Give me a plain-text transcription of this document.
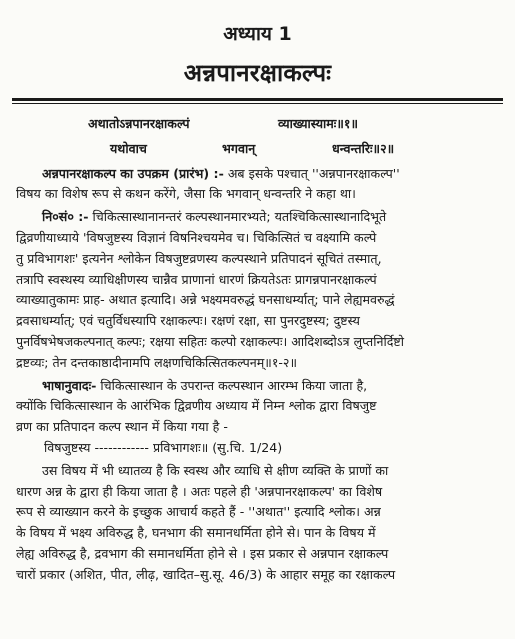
अध्याय 1
अन्नपानरक्षाकल्पः
अथातोऽन्नपानरक्षाकल्पं	व्याख्यास्यामः॥१॥
यथोवाच	भगवान्	धन्वन्तरिः॥२॥
अन्नपानरक्षाकल्प का उपक्रम (प्रारंभ) :- अब इसके पश्चात् ''अन्नपानरक्षाकल्प''
विषय का विशेष रूप से कथन करेंगे, जैसा कि भगवान् धन्वन्तरि ने कहा था।
नि०सं० :- चिकित्सास्थानानन्तरं कल्पस्थानमारभ्यते; यतश्चिकित्सास्थानादिभूते
द्विव्रणीयाध्याये 'विषजुष्टस्य विज्ञानं विषनिश्चयमेव च। चिकित्सितं च वक्ष्यामि कल्पे
तु प्रविभागशः' इत्यनेन श्लोकेन विषजुष्टव्रणस्य कल्पस्थाने प्रतिपादनं सूचितं तस्मात्,
तत्रापि स्वस्थस्य व्याधिक्षीणस्य चान्नैव प्राणानां धारणं क्रियतेऽतः प्रागन्नपानरक्षाकल्पं
व्याख्यातुकामः प्राह- अथात इत्यादि। अन्ने भक्ष्यमवरुद्धं घनसाधर्म्यात्; पाने लेह्यमवरुद्धं
द्रवसाधर्म्यात्; एवं चतुर्विधस्यापि रक्षाकल्पः। रक्षणं रक्षा, सा पुनरदुष्टस्य; दुष्टस्य
पुनर्विषभेषजकल्पनात् कल्पः; रक्षया सहितः कल्पो रक्षाकल्पः। आदिशब्दोऽत्र लुप्तनिर्दिष्टो
द्रष्टव्यः; तेन दन्तकाष्ठादीनामपि लक्षणचिकित्सितकल्पनम्॥१-२॥
भाषानुवादः- चिकित्सास्थान के उपरान्त कल्पस्थान आरम्भ किया जाता है,
क्योंकि चिकित्सास्थान के आरंभिक द्विव्रणीय अध्याय में निम्न श्लोक द्वारा विषजुष्ट
व्रण का प्रतिपादन कल्प स्थान में किया गया है -
विषजुष्टस्य ------------ प्रविभागशः॥ (सु.चि. 1/24)
उस विषय में भी ध्यातव्य है कि स्वस्थ और व्याधि से क्षीण व्यक्ति के प्राणों का
धारण अन्न के द्वारा ही किया जाता है । अतः पहले ही 'अन्नपानरक्षाकल्प' का विशेष
रूप से व्याख्यान करने के इच्छुक आचार्य कहते हैं - ''अथात'' इत्यादि श्लोक। अन्न
के विषय में भक्ष्य अविरुद्ध है, घनभाग की समानधर्मिता होने से। पान के विषय में
लेह्य अविरुद्ध है, द्रवभाग की समानधर्मिता होने से । इस प्रकार से अन्नपान रक्षाकल्प
चारों प्रकार (अशित, पीत, लीढ़, खादित–सु.सू. 46/3) के आहार समूह का रक्षाकल्प
